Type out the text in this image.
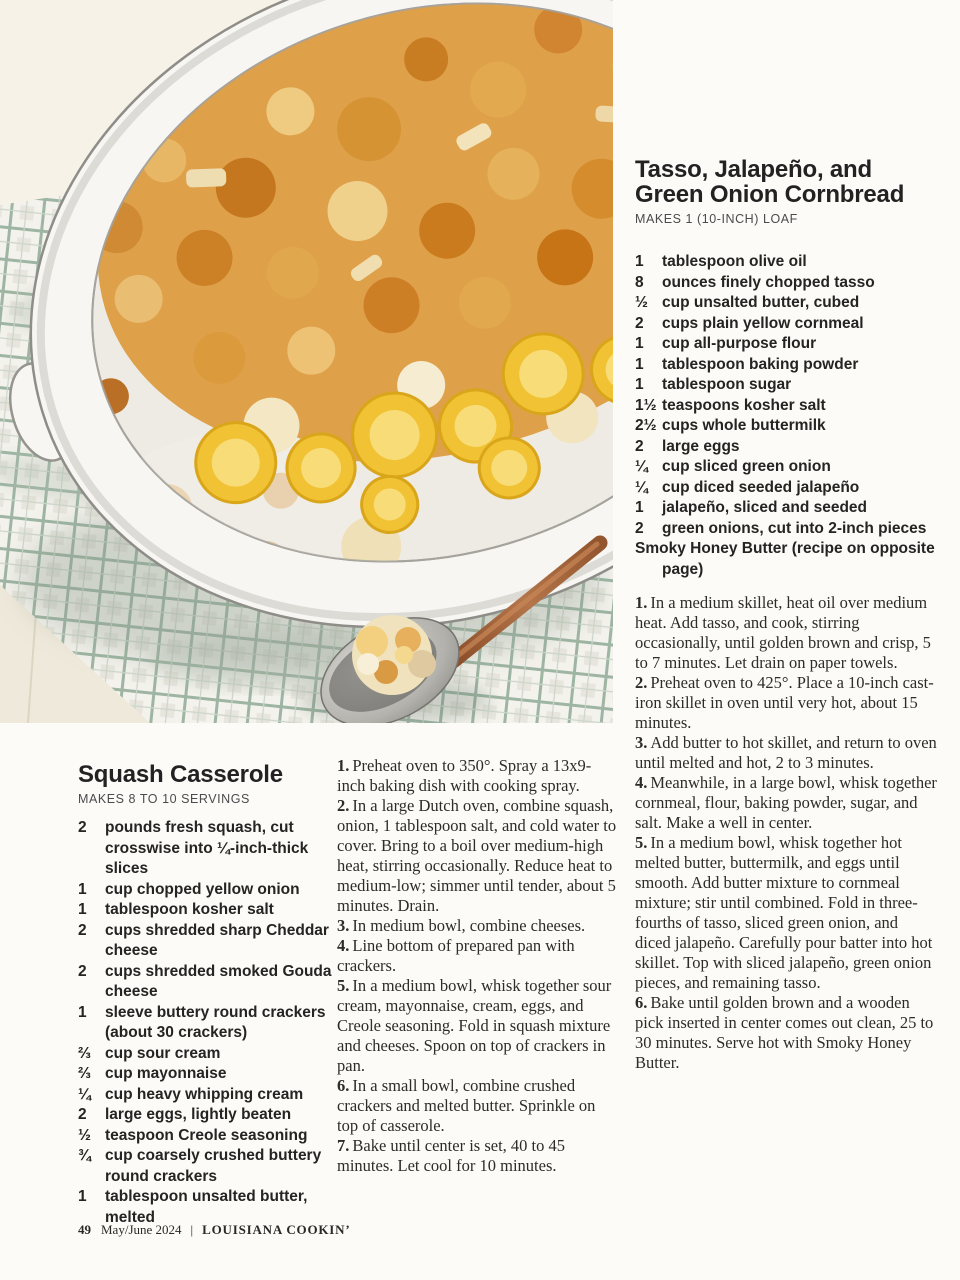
Tasso, Jalapeño, and
Green Onion Cornbread
MAKES 1 (10-INCH) LOAF
1	tablespoon olive oil
8	ounces finely chopped tasso
½ cup unsalted butter, cubed
2	cups plain yellow cornmeal
1	cup all-purpose flour
1	tablespoon baking powder
1	tablespoon sugar
1½ teaspoons kosher salt
2½ cups whole buttermilk
2	large eggs
¼ cup sliced green onion
¼ cup diced seeded jalapeño
1	jalapeño, sliced and seeded
2	green onions, cut into 2-inch pieces
Smoky Honey Butter (recipe on opposite page)

1. In a medium skillet, heat oil over medium heat. Add tasso, and cook, stirring occasionally, until golden brown and crisp, 5 to 7 minutes. Let drain on paper towels.

2. Preheat oven to 425°. Place a 10-inch cast-iron skillet in oven until very hot, about 15 minutes.

3. Add butter to hot skillet, and return to oven until melted and hot, 2 to 3 minutes.

4. Meanwhile, in a large bowl, whisk together cornmeal, flour, baking powder, sugar, and salt. Make a well in center.

5. In a medium bowl, whisk together hot melted butter, buttermilk, and eggs until smooth. Add butter mixture to cornmeal mixture; stir until combined. Fold in three-fourths of tasso, sliced green onion, and diced jalapeño. Carefully pour batter into hot skillet. Top with sliced jalapeño, green onion pieces, and remaining tasso.

6. Bake until golden brown and a wooden pick inserted in center comes out clean, 25 to 30 minutes. Serve hot with Smoky Honey Butter.

Squash Casserole
MAKES 8 TO 10 SERVINGS
2	pounds fresh squash, cut crosswise into ¼-inch-thick slices
1	cup chopped yellow onion
1	tablespoon kosher salt
2	cups shredded sharp Cheddar cheese
2	cups shredded smoked Gouda cheese
1	sleeve buttery round crackers (about 30 crackers)
⅔ cup sour cream
⅔ cup mayonnaise
¼ cup heavy whipping cream
2	large eggs, lightly beaten
½ teaspoon Creole seasoning
¾ cup coarsely crushed buttery round crackers
1	tablespoon unsalted butter, melted

1. Preheat oven to 350°. Spray a 13x9-inch baking dish with cooking spray.

2. In a large Dutch oven, combine squash, onion, 1 tablespoon salt, and cold water to cover. Bring to a boil over medium-high heat, stirring occasionally. Reduce heat to medium-low; simmer until tender, about 5 minutes. Drain.

3. In medium bowl, combine cheeses.

4. Line bottom of prepared pan with crackers.

5. In a medium bowl, whisk together sour cream, mayonnaise, cream, eggs, and Creole seasoning. Fold in squash mixture and cheeses. Spoon on top of crackers in pan.

6. In a small bowl, combine crushed crackers and melted butter. Sprinkle on top of casserole.

7. Bake until center is set, 40 to 45 minutes. Let cool for 10 minutes.

49 May/June 2024 | LOUISIANA COOKIN’
